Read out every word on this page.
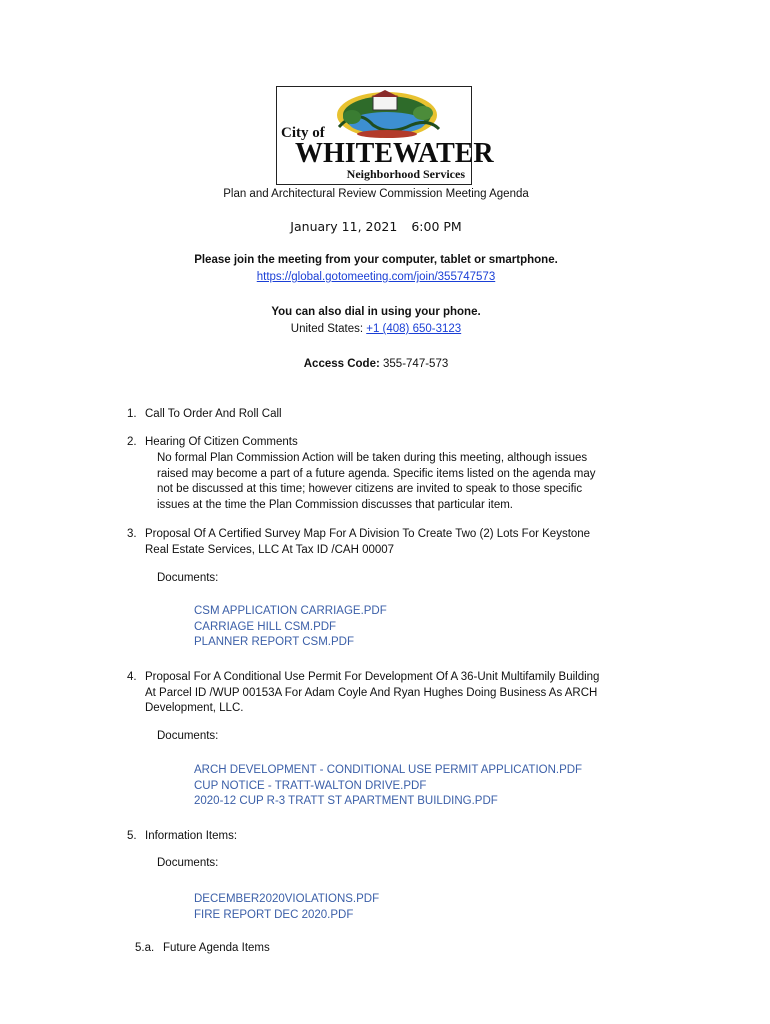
City of
WHITEWATER
Neighborhood Services
Plan and Architectural Review Commission Meeting Agenda
January 11, 2021 6:00 PM
Please join the meeting from your computer, tablet or smartphone.
https://global.gotomeeting.com/join/355747573
You can also dial in using your phone.
United States: +1 (408) 650-3123
Access Code: 355-747-573
1. Call To Order And Roll Call
2. Hearing Of Citizen Comments
No formal Plan Commission Action will be taken during this meeting, although issues
raised may become a part of a future agenda. Specific items listed on the agenda may
not be discussed at this time; however citizens are invited to speak to those specific
issues at the time the Plan Commission discusses that particular item.
3. Proposal Of A Certified Survey Map For A Division To Create Two (2) Lots For Keystone
Real Estate Services, LLC At Tax ID /CAH 00007
Documents:
CSM APPLICATION CARRIAGE.PDF
CARRIAGE HILL CSM.PDF
PLANNER REPORT CSM.PDF
4. Proposal For A Conditional Use Permit For Development Of A 36-Unit Multifamily Building
At Parcel ID /WUP 00153A For Adam Coyle And Ryan Hughes Doing Business As ARCH
Development, LLC.
Documents:
ARCH DEVELOPMENT - CONDITIONAL USE PERMIT APPLICATION.PDF
CUP NOTICE - TRATT-WALTON DRIVE.PDF
2020-12 CUP R-3 TRATT ST APARTMENT BUILDING.PDF
5. Information Items:
Documents:
DECEMBER2020VIOLATIONS.PDF
FIRE REPORT DEC 2020.PDF
5.a. Future Agenda Items
